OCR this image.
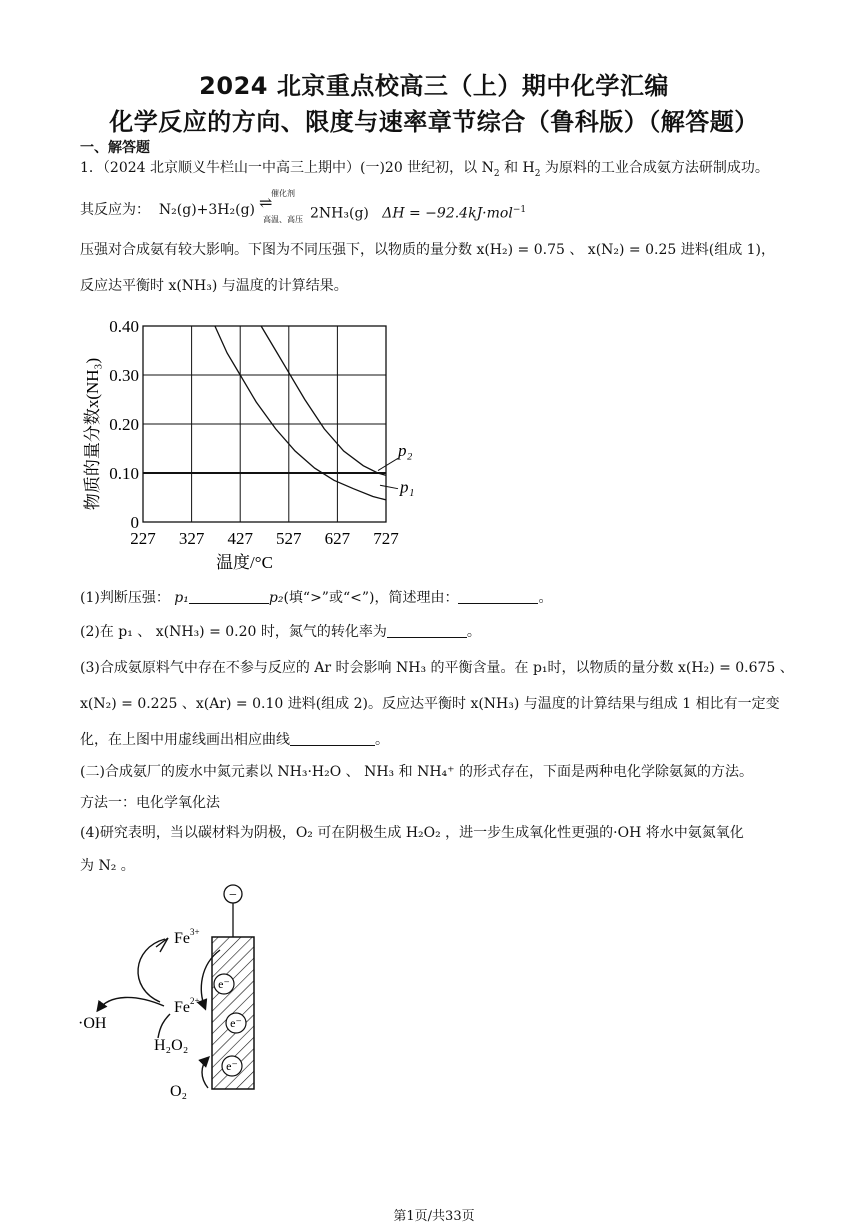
2024 北京重点校高三（上）期中化学汇编
化学反应的方向、限度与速率章节综合（鲁科版）（解答题）
一、解答题
1．（2024 北京顺义牛栏山一中高三上期中）(一)20 世纪初，以 $N_2$ 和 $H_2$ 为原料的工业合成氨方法研制成功。
其反应为： N₂(g)+3H₂(g)
催化剂
⇌
高温、高压 2NH₃(g) ΔH = −92.4kJ·mol$^{-1}$
压强对合成氨有较大影响。下图为不同压强下，以物质的量分数 x(H₂) = 0.75 、 x(N₂) = 0.25 进料(组成 1)，
反应达平衡时 x(NH₃) 与温度的计算结果。
227 327 427 527 627 727
0
0.10
0.20
0.30
0.40
p₂
p₁
温度/°C
物质的量分数x(NH₃)
(1)判断压强： p₁	p₂(填“>”或“<”)，简述理由：	。
(2)在 p₁ 、 x(NH₃) = 0.20 时，氮气的转化率为	。
(3)合成氨原料气中存在不参与反应的 Ar 时会影响 NH₃ 的平衡含量。在 p₁时，以物质的量分数 x(H₂) = 0.675 、
x(N₂) = 0.225 、x(Ar) = 0.10 进料(组成 2)。反应达平衡时 x(NH₃) 与温度的计算结果与组成 1 相比有一定变
化，在上图中用虚线画出相应曲线	。
(二)合成氨厂的废水中氮元素以 NH₃·H₂O 、 NH₃ 和 NH₄⁺ 的形式存在，下面是两种电化学除氨氮的方法。
方法一：电化学氧化法
(4)研究表明，当以碳材料为阴极，O₂ 可在阴极生成 H₂O₂ ，进一步生成氧化性更强的·OH 将水中氨氮氧化
为 N₂ 。
−
e⁻
e⁻
e⁻
$Fe^{3+}$
$Fe^{2+}$
·OH
H₂O₂
O₂
第1页/共33页
